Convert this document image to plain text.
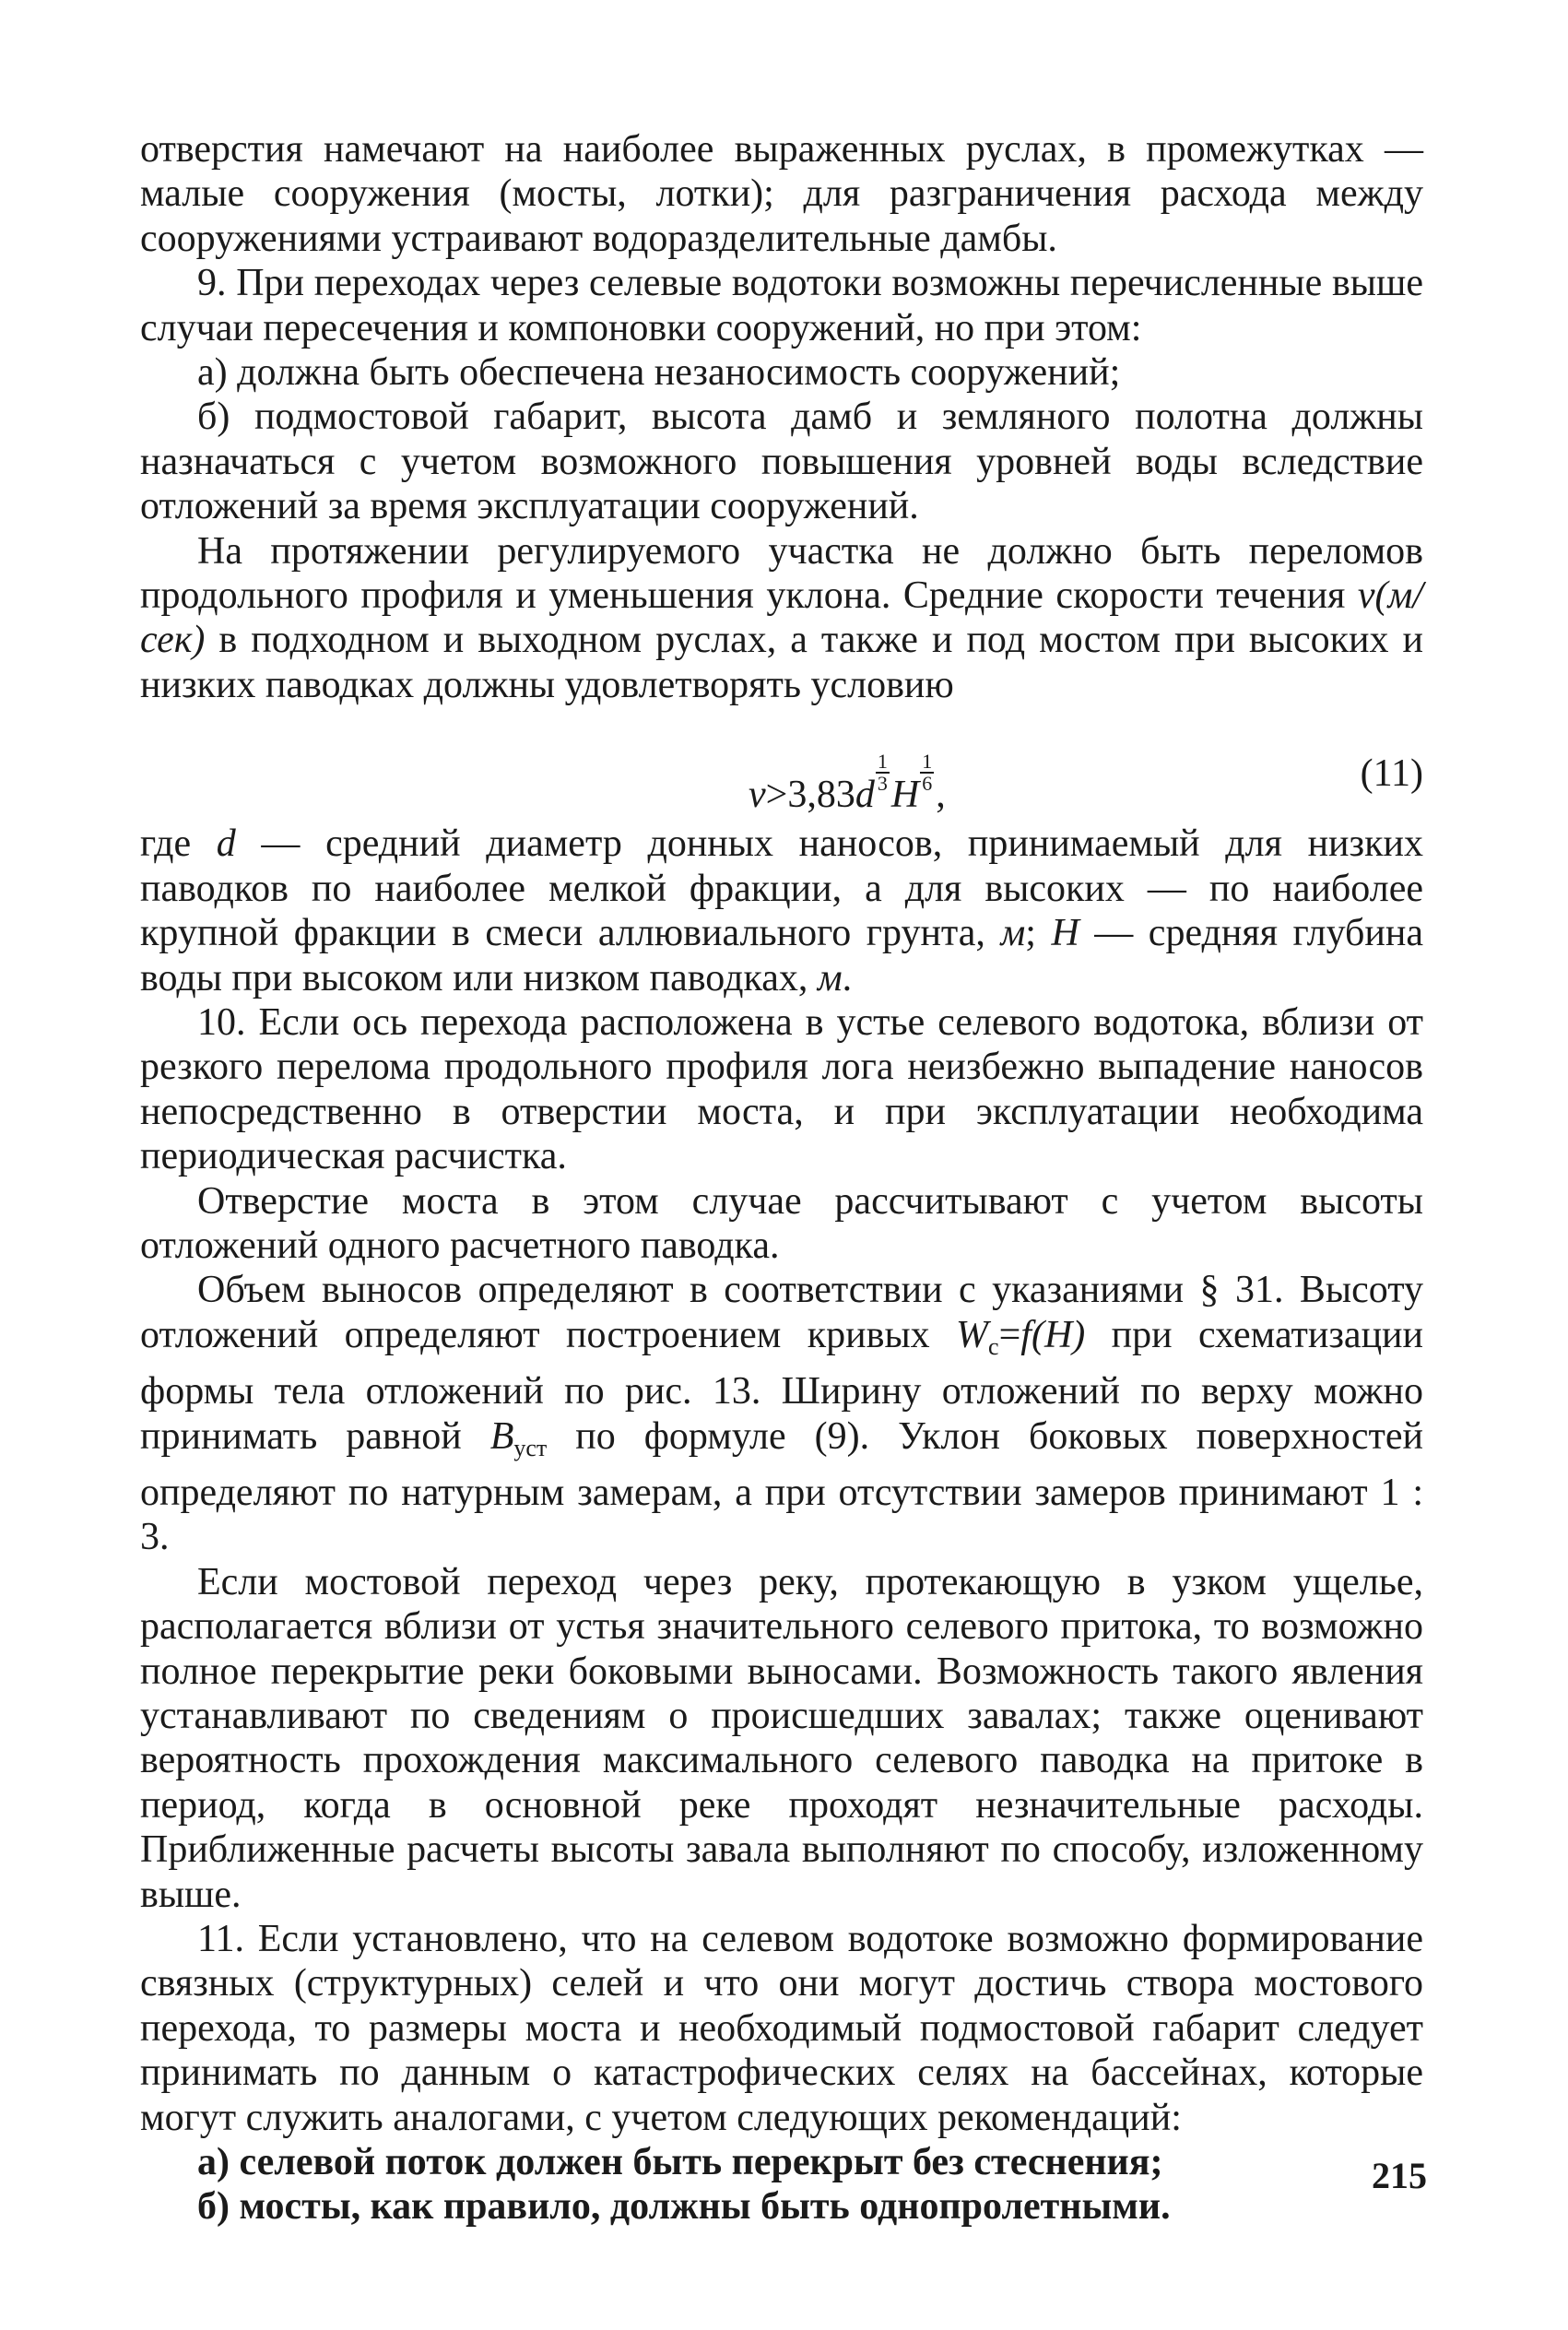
отверстия намечают на наиболее выраженных руслах, в промежутках — малые сооружения (мосты, лотки); для разграничения расхода между сооружениями устраивают водоразделительные дамбы.

9. При переходах через селевые водотоки возможны перечисленные выше случаи пересечения и компоновки сооружений, но при этом:

а) должна быть обеспечена незаносимость сооружений;

б) подмостовой габарит, высота дамб и земляного полотна должны назначаться с учетом возможного повышения уровней воды вследствие отложений за время эксплуатации сооружений.

На протяжении регулируемого участка не должно быть переломов продольного профиля и уменьшения уклона. Средние скорости течения v(м/сек) в подходном и выходном руслах, а также и под мостом при высоких и низких паводках должны удовлетворять условию

v>3,83d
$\frac{1}{3}$
H
$\frac{1}{6}$
,	(11)

где d — средний диаметр донных наносов, принимаемый для низких паводков по наиболее мелкой фракции, а для высоких — по наиболее крупной фракции в смеси аллювиального грунта, м; Н — средняя глубина воды при высоком или низком паводках, м.

10. Если ось перехода расположена в устье селевого водотока, вблизи от резкого перелома продольного профиля лога неизбежно выпадение наносов непосредственно в отверстии моста, и при эксплуатации необходима периодическая расчистка.

Отверстие моста в этом случае рассчитывают с учетом высоты отложений одного расчетного паводка.

Объем выносов определяют в соответствии с указаниями § 31. Высоту отложений определяют построением кривых $W_с=f(H)$ при схематизации формы тела отложений по рис. 13. Ширину отложений по верху можно принимать равной $В_{уст}$ по формуле (9). Уклон боковых поверхностей определяют по натурным замерам, а при отсутствии замеров принимают 1 : 3.

Если мостовой переход через реку, протекающую в узком ущелье, располагается вблизи от устья значительного селевого притока, то возможно полное перекрытие реки боковыми выносами. Возможность такого явления устанавливают по сведениям о происшедших завалах; также оценивают вероятность прохождения максимального селевого паводка на притоке в период, когда в основной реке проходят незначительные расходы. Приближенные расчеты высоты завала выполняют по способу, изложенному выше.

11. Если установлено, что на селевом водотоке возможно формирование связных (структурных) селей и что они могут достичь створа мостового перехода, то размеры моста и необходимый подмостовой габарит следует принимать по данным о катастрофических селях на бассейнах, которые могут служить аналогами, с учетом следующих рекомендаций:

а) селевой поток должен быть перекрыт без стеснения;

б) мосты, как правило, должны быть однопролетными.

215
